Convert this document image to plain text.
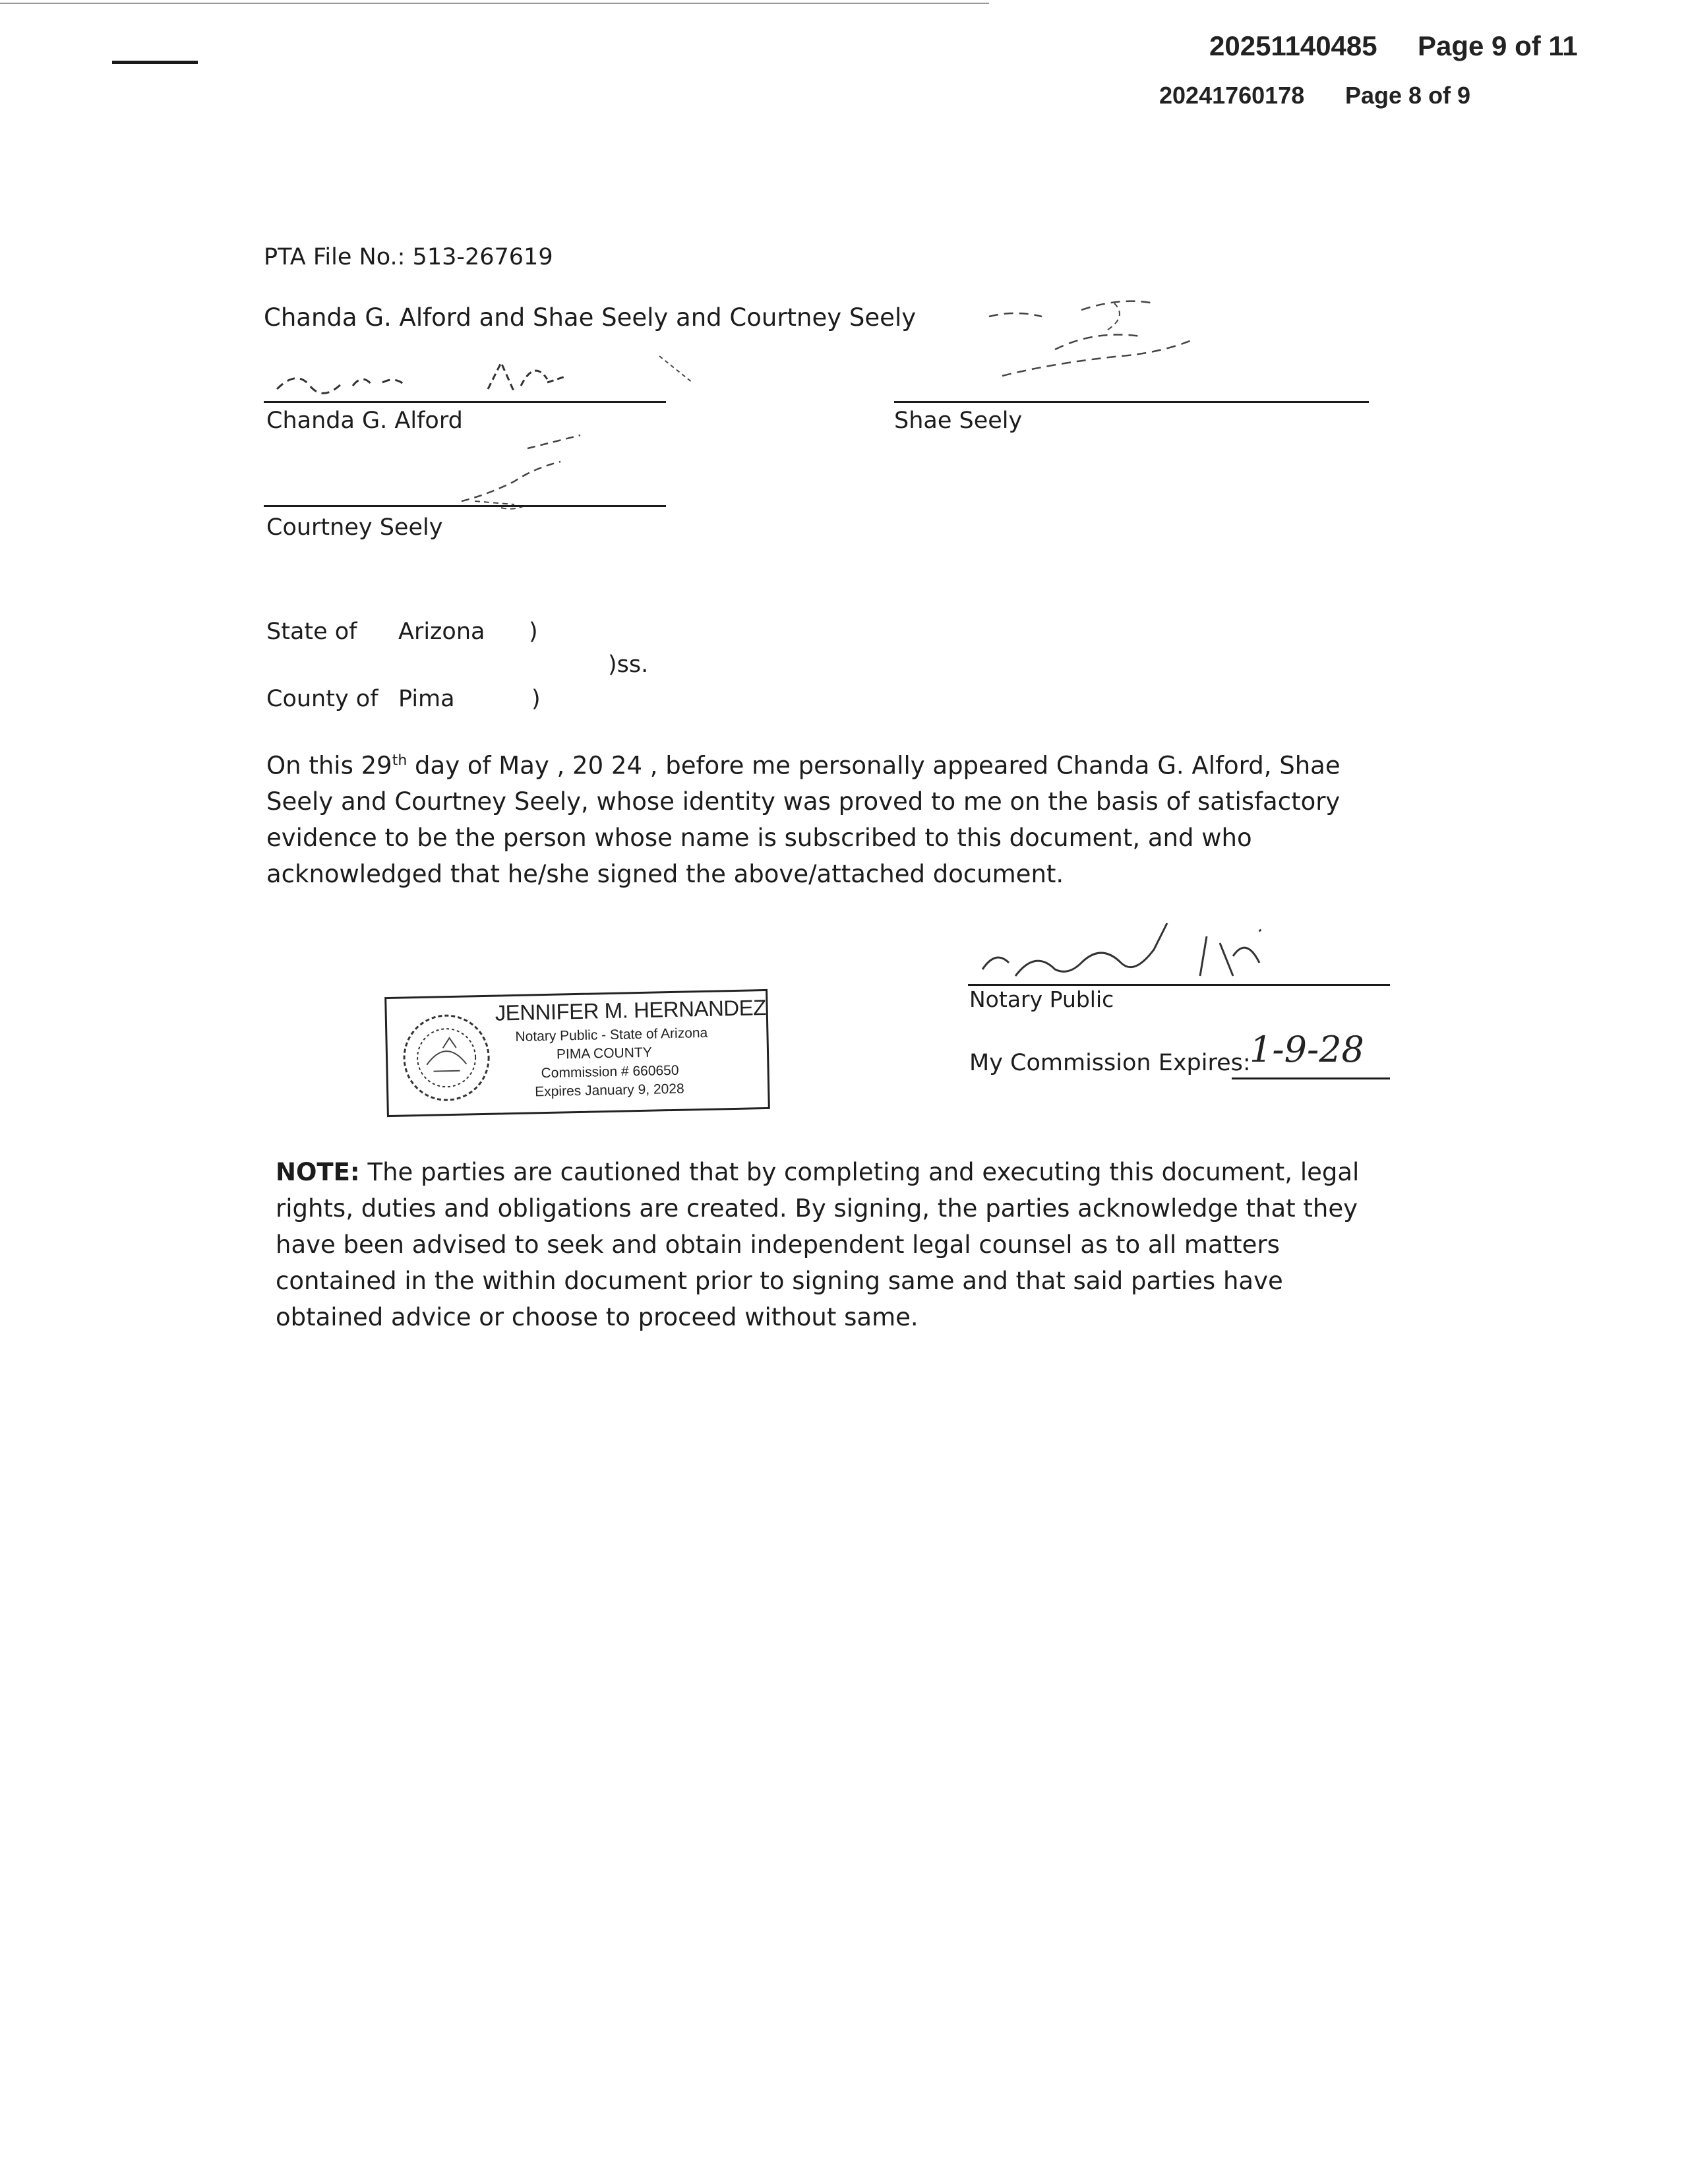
20251140485 Page 9 of 11
20241760178 Page 8 of 9
PTA File No.: 513-267619
Chanda G. Alford and Shae Seely and Courtney Seely
Chanda G. Alford	Shae Seely
Courtney Seely
State of Arizona )
)ss.
County of Pima	)
On this 29th day of May , 20 24 , before me personally appeared Chanda G. Alford, Shae Seely and Courtney Seely, whose identity was proved to me on the basis of satisfactory evidence to be the person whose name is subscribed to this document, and who acknowledged that he/she signed the above/attached document.
Notary Public
My Commission Expires:
1-9-28
JENNIFER M. HERNANDEZ
Notary Public - State of Arizona
PIMA COUNTY
Commission # 660650
Expires January 9, 2028
NOTE: The parties are cautioned that by completing and executing this document, legal rights, duties and obligations are created. By signing, the parties acknowledge that they have been advised to seek and obtain independent legal counsel as to all matters contained in the within document prior to signing same and that said parties have obtained advice or choose to proceed without same.
